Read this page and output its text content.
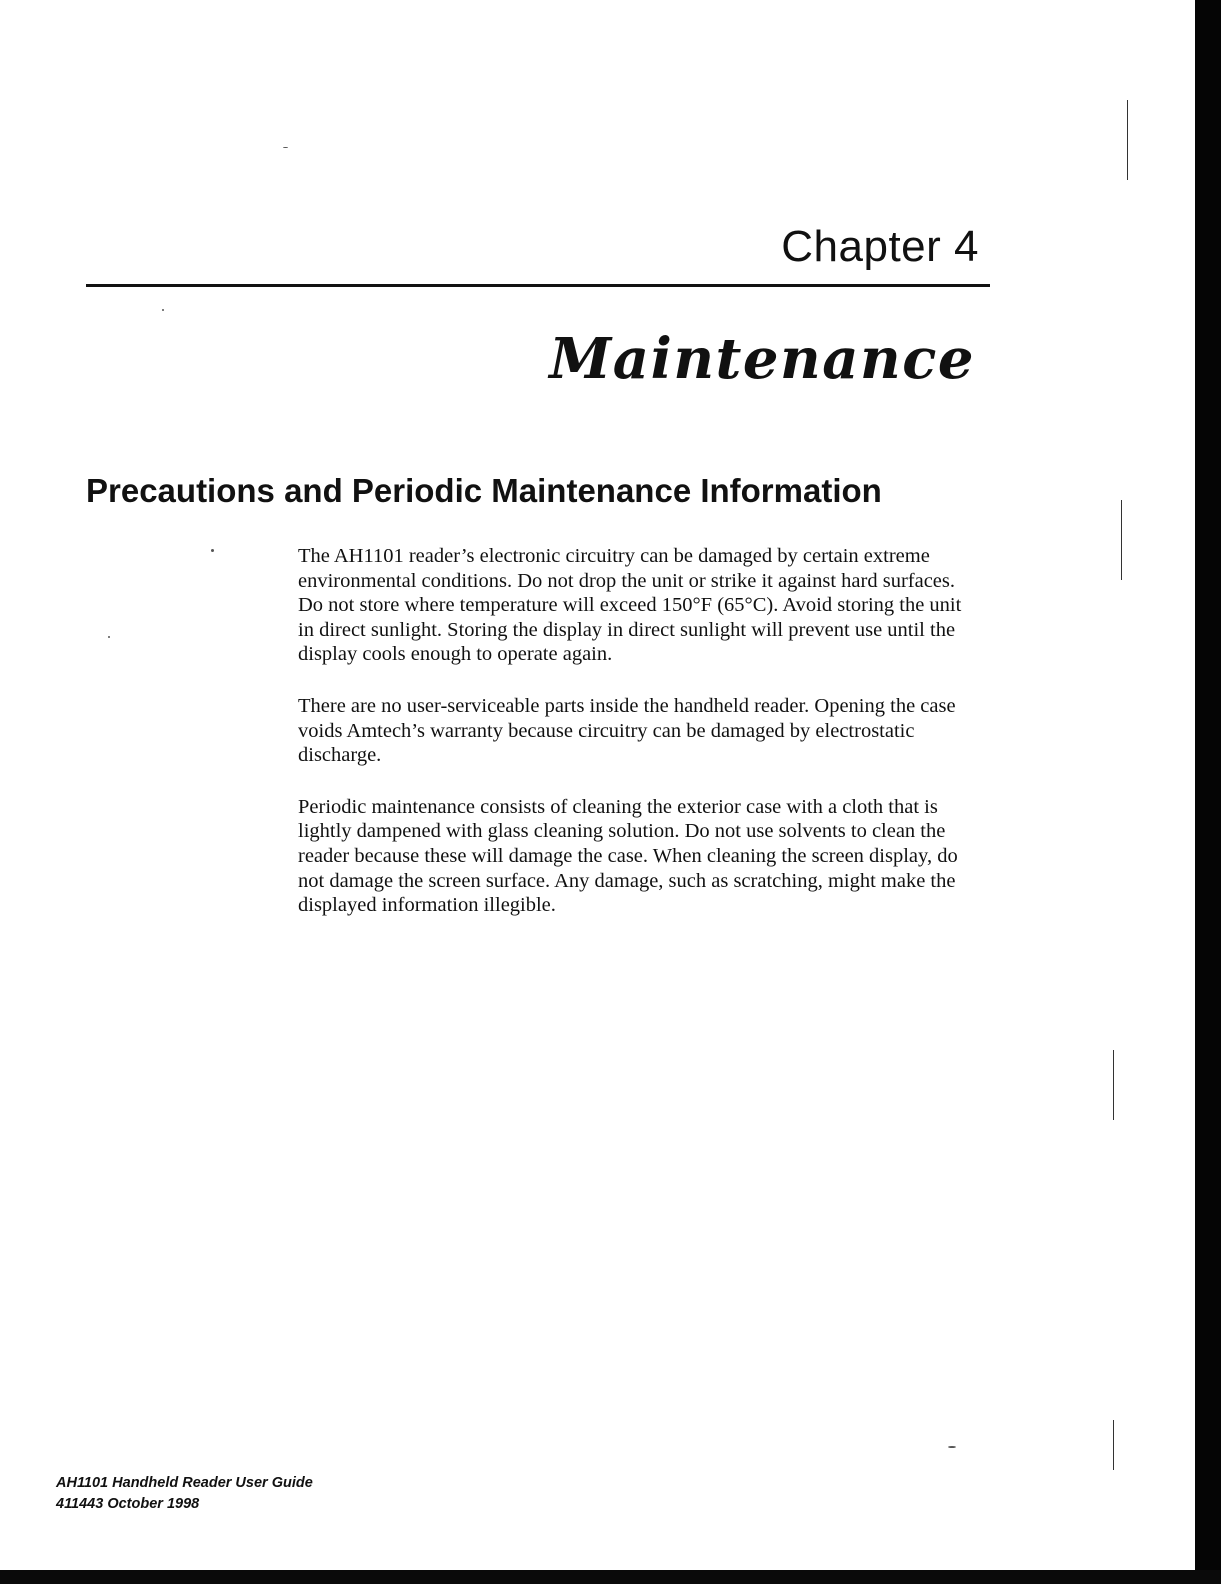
Chapter 4
Maintenance
Precautions and Periodic Maintenance Information

The AH1101 reader’s electronic circuitry can be damaged by certain extreme environmental conditions. Do not drop the unit or strike it against hard surfaces. Do not store where temperature will exceed 150°F (65°C). Avoid storing the unit in direct sunlight. Storing the display in direct sunlight will prevent use until the display cools enough to operate again.

There are no user-serviceable parts inside the handheld reader. Opening the case voids Amtech’s warranty because circuitry can be damaged by electrostatic discharge.

Periodic maintenance consists of cleaning the exterior case with a cloth that is lightly dampened with glass cleaning solution. Do not use solvents to clean the reader because these will damage the case. When cleaning the screen display, do not damage the screen surface. Any damage, such as scratching, might make the displayed information illegible.

AH1101 Handheld Reader User Guide
411443 October 1998
